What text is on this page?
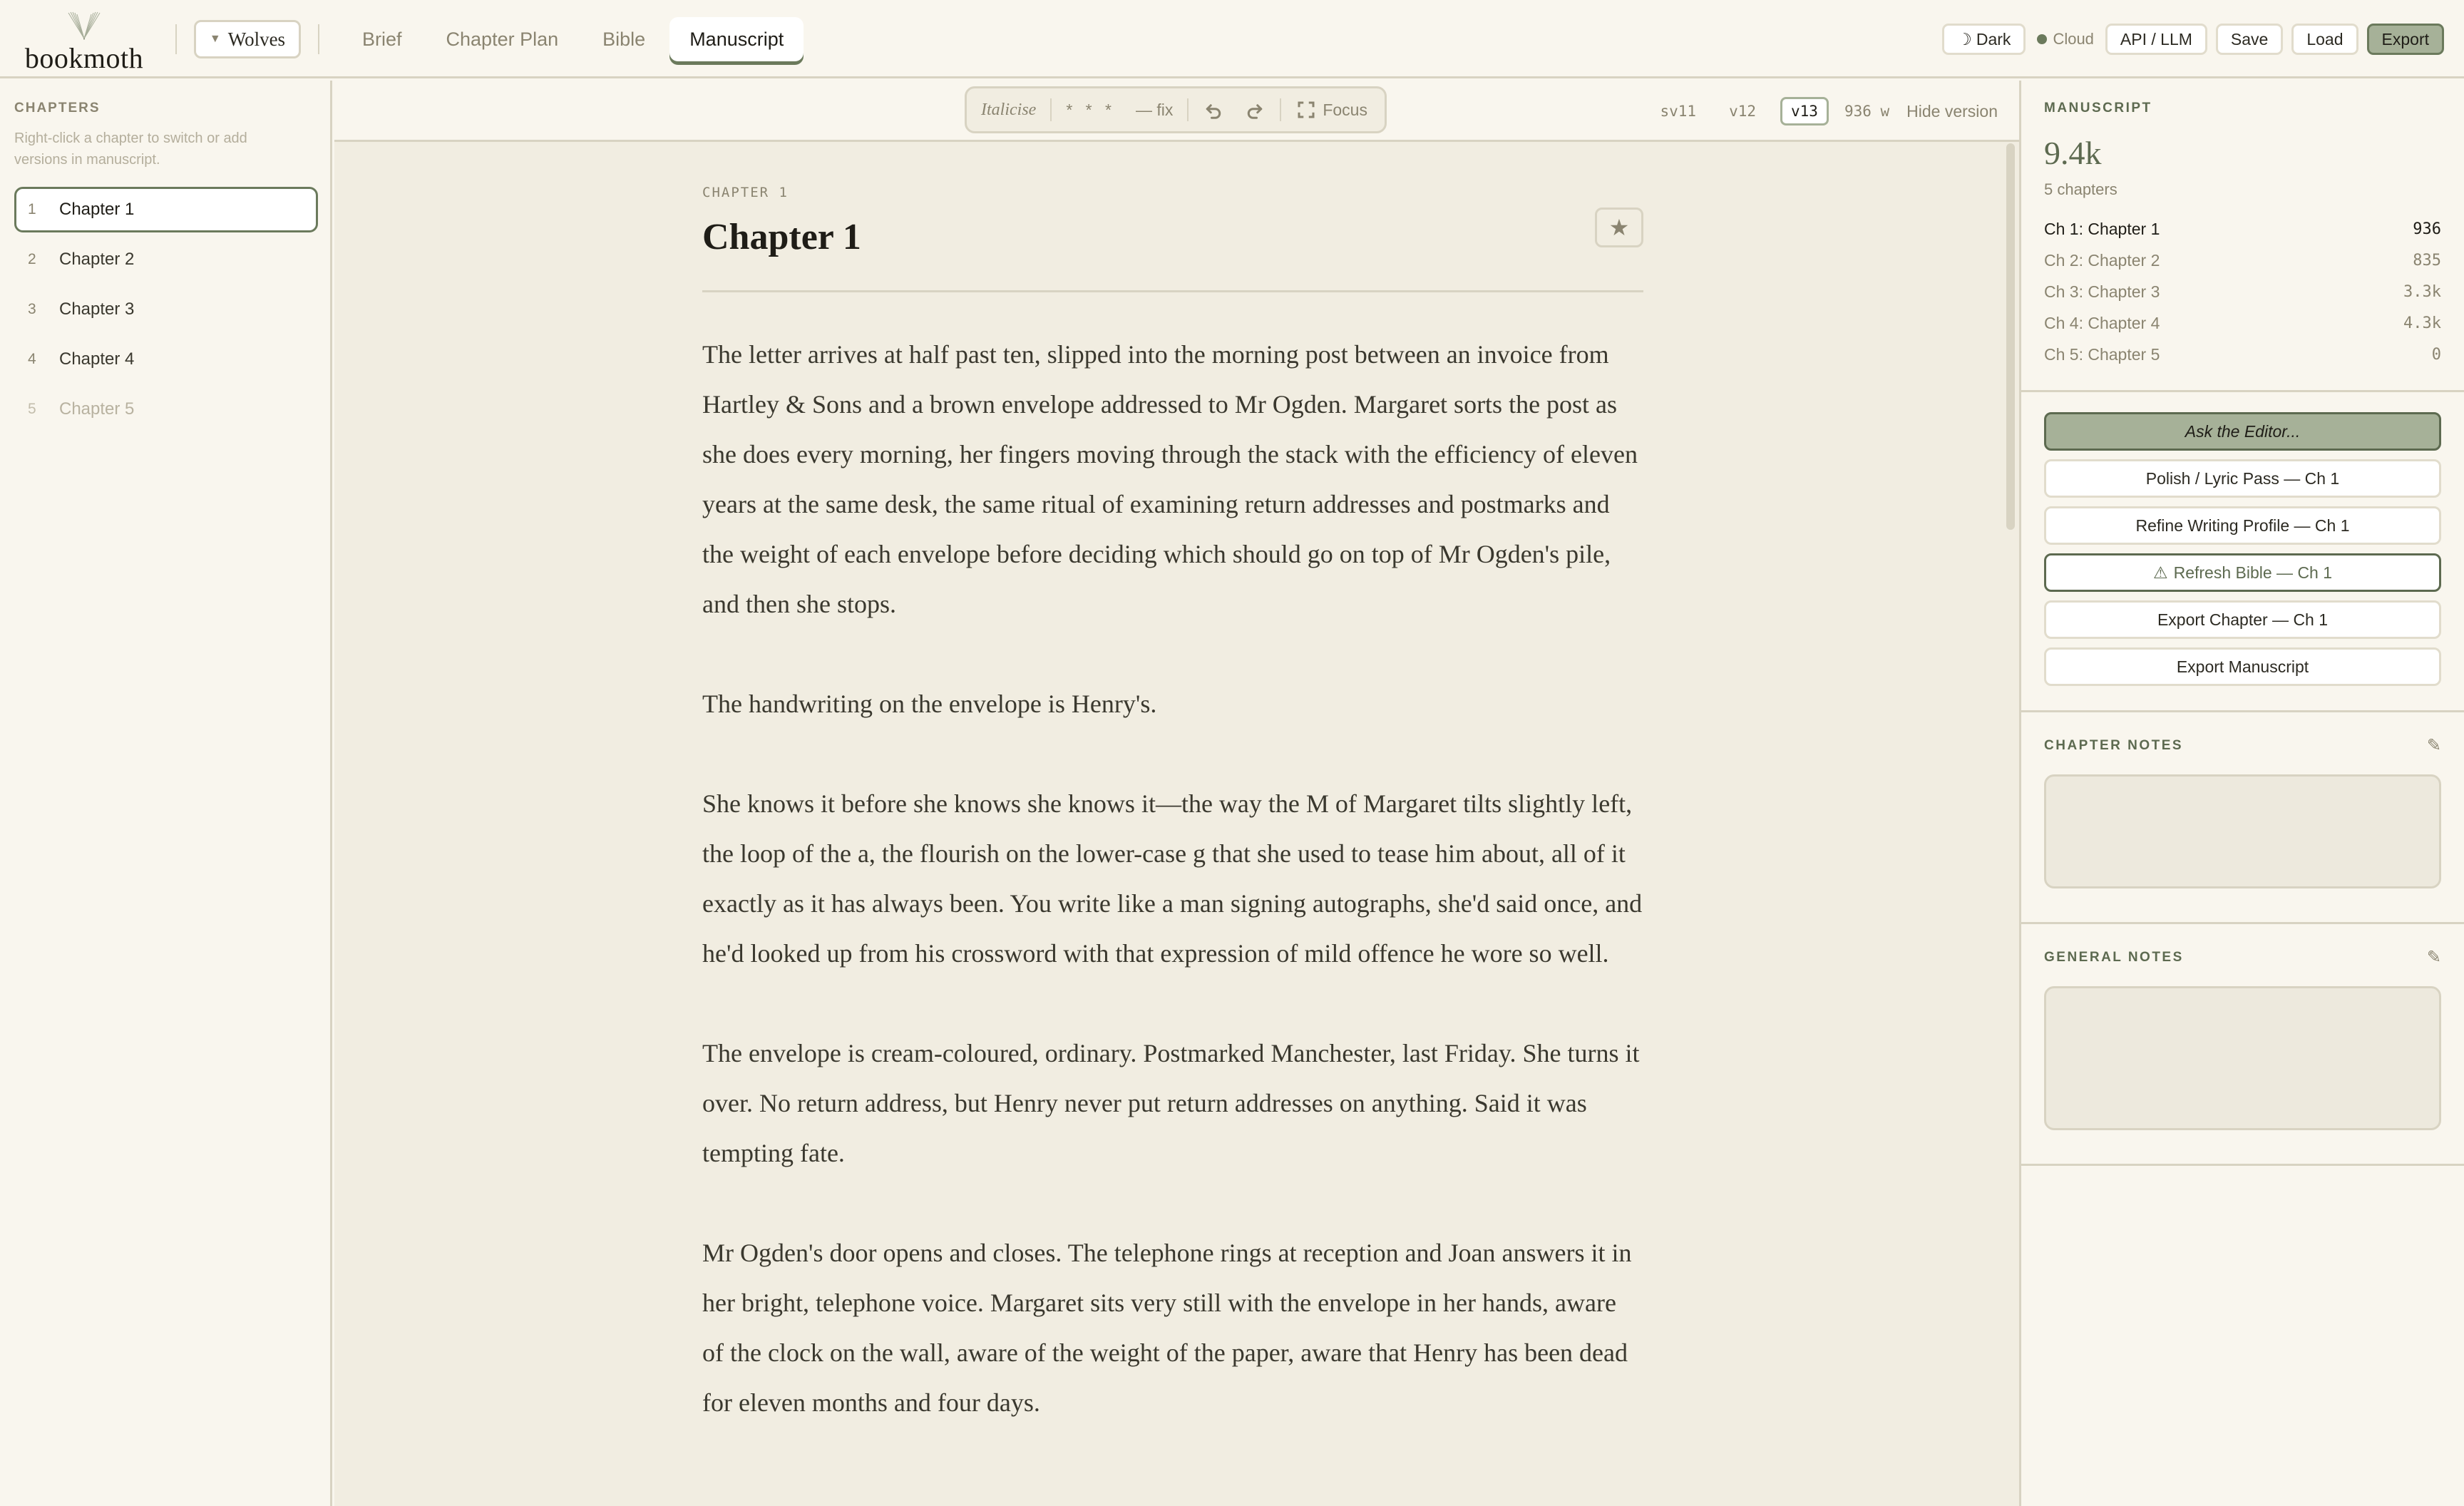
bookmoth
▼ Wolves	Brief	Chapter Plan	Bible	Manuscript	☽ Dark	Cloud	API / LLM	Save	Load	Export
CHAPTERS
Right-click a chapter to switch or add versions in manuscript.
1	Chapter 1
2	Chapter 2
3	Chapter 3
4	Chapter 4
5	Chapter 5
Italicise * * * — fix	Focus	sv11	v12	v13	936 w Hide version
CHAPTER 1
Chapter 1	★

The letter arrives at half past ten, slipped into the morning post between an invoice from Hartley & Sons and a brown envelope addressed to Mr Ogden. Margaret sorts the post as she does every morning, her fingers moving through the stack with the efficiency of eleven years at the same desk, the same ritual of examining return addresses and postmarks and the weight of each envelope before deciding which should go on top of Mr Ogden's pile, and then she stops.

The handwriting on the envelope is Henry's.

She knows it before she knows she knows it—the way the M of Margaret tilts slightly left, the loop of the a, the flourish on the lower-case g that she used to tease him about, all of it exactly as it has always been. You write like a man signing autographs, she'd said once, and he'd looked up from his crossword with that expression of mild offence he wore so well.

The envelope is cream-coloured, ordinary. Postmarked Manchester, last Friday. She turns it over. No return address, but Henry never put return addresses on anything. Said it was tempting fate.

Mr Ogden's door opens and closes. The telephone rings at reception and Joan answers it in her bright, telephone voice. Margaret sits very still with the envelope in her hands, aware of the clock on the wall, aware of the weight of the paper, aware that Henry has been dead for eleven months and four days.

MANUSCRIPT
9.4k
5 chapters
Ch 1: Chapter 1	936
Ch 2: Chapter 2	835
Ch 3: Chapter 3	3.3k
Ch 4: Chapter 4	4.3k
Ch 5: Chapter 5	0
Ask the Editor...
Polish / Lyric Pass — Ch 1
Refine Writing Profile — Ch 1
⚠ Refresh Bible — Ch 1
Export Chapter — Ch 1
Export Manuscript
CHAPTER NOTES	✎
GENERAL NOTES	✎
